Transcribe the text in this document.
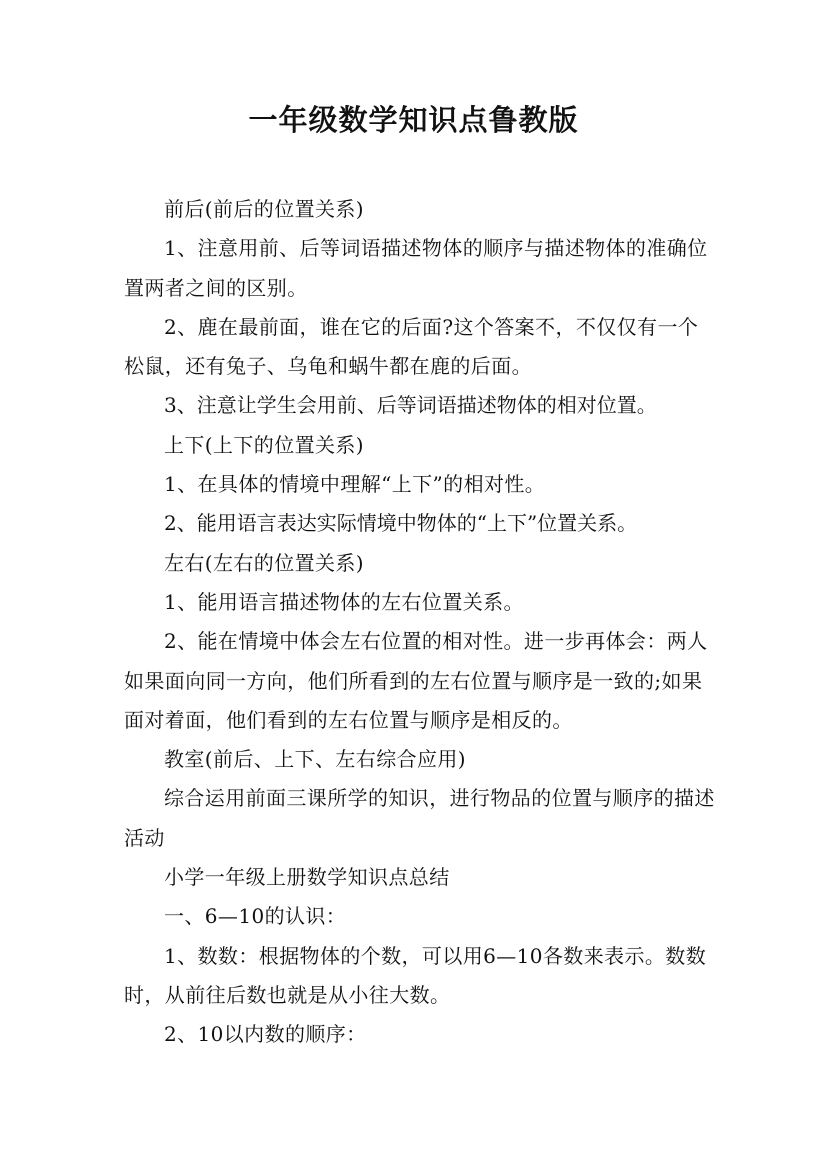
一年级数学知识点鲁教版

前后(前后的位置关系)

1、注意用前、后等词语描述物体的顺序与描述物体的准确位置两者之间的区别。

2、鹿在最前面，谁在它的后面?这个答案不，不仅仅有一个松鼠，还有兔子、乌龟和蜗牛都在鹿的后面。

3、注意让学生会用前、后等词语描述物体的相对位置。

上下(上下的位置关系)

1、在具体的情境中理解“上下”的相对性。

2、能用语言表达实际情境中物体的“上下”位置关系。

左右(左右的位置关系)

1、能用语言描述物体的左右位置关系。

2、能在情境中体会左右位置的相对性。进一步再体会：两人如果面向同一方向，他们所看到的左右位置与顺序是一致的;如果面对着面，他们看到的左右位置与顺序是相反的。

教室(前后、上下、左右综合应用)

综合运用前面三课所学的知识，进行物品的位置与顺序的描述活动

小学一年级上册数学知识点总结

一、6—10的认识：

1、数数：根据物体的个数，可以用6—10各数来表示。数数时，从前往后数也就是从小往大数。

2、10以内数的顺序：
